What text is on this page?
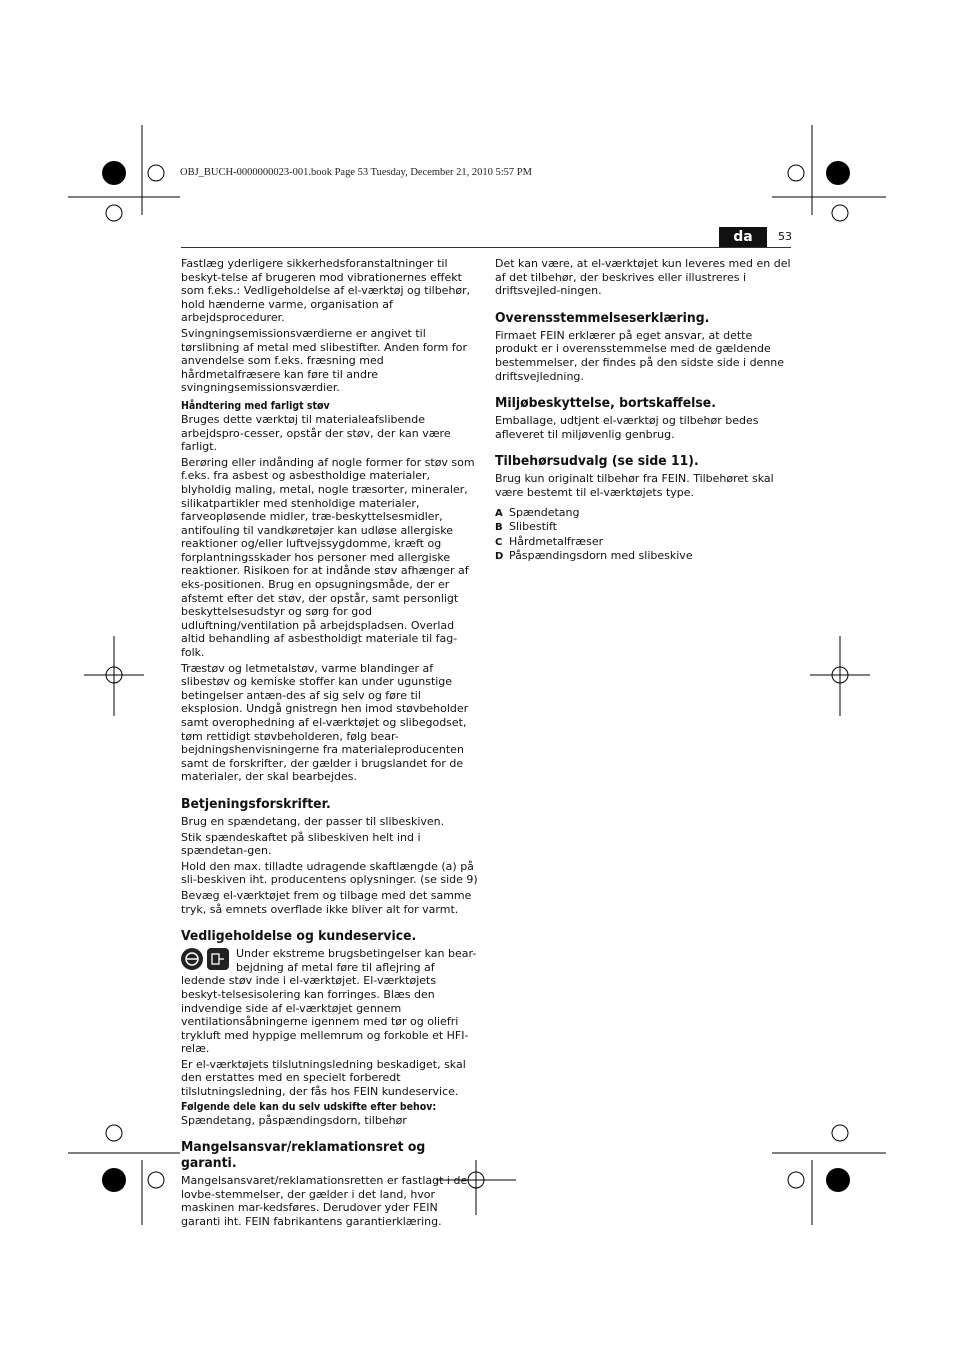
OBJ_BUCH-0000000023-001.book Page 53 Tuesday, December 21, 2010 5:57 PM
da	53

Fastlæg yderligere sikkerhedsforanstaltninger til beskyt-telse af brugeren mod vibrationernes effekt som f.eks.: Vedligeholdelse af el-værktøj og tilbehør, hold hænderne varme, organisation af arbejdsprocedurer.

Svingningsemissionsværdierne er angivet til tørslibning af metal med slibestifter. Anden form for anvendelse som f.eks. fræsning med hårdmetalfræsere kan føre til andre svingningsemissionsværdier.

Håndtering med farligt støv

Bruges dette værktøj til materialeafslibende arbejdspro-cesser, opstår der støv, der kan være farligt.

Berøring eller indånding af nogle former for støv som f.eks. fra asbest og asbestholdige materialer, blyholdig maling, metal, nogle træsorter, mineraler, silikatpartikler med stenholdige materialer, farveopløsende midler, træ-beskyttelsesmidler, antifouling til vandkøretøjer kan udløse allergiske reaktioner og/eller luftvejssygdomme, kræft og forplantningsskader hos personer med allergiske reaktioner. Risikoen for at indånde støv afhænger af eks-positionen. Brug en opsugningsmåde, der er afstemt efter det støv, der opstår, samt personligt beskyttelsesudstyr og sørg for god udluftning/ventilation på arbejdspladsen. Overlad altid behandling af asbestholdigt materiale til fag-folk.

Træstøv og letmetalstøv, varme blandinger af slibestøv og kemiske stoffer kan under ugunstige betingelser antæn-des af sig selv og føre til eksplosion. Undgå gnistregn hen imod støvbeholder samt overophedning af el-værktøjet og slibegodset, tøm rettidigt støvbeholderen, følg bear-bejdningshenvisningerne fra materialeproducenten samt de forskrifter, der gælder i brugslandet for de materialer, der skal bearbejdes.

Betjeningsforskrifter.

Brug en spændetang, der passer til slibeskiven.

Stik spændeskaftet på slibeskiven helt ind i spændetan-gen.

Hold den max. tilladte udragende skaftlængde (a) på sli-beskiven iht. producentens oplysninger. (se side 9)

Bevæg el-værktøjet frem og tilbage med det samme tryk, så emnets overflade ikke bliver alt for varmt.

Vedligeholdelse og kundeservice.

Under ekstreme brugsbetingelser kan bear-bejdning af metal føre til aflejring af ledende støv inde i el-værktøjet. El-værktøjets beskyt-telsesisolering kan forringes. Blæs den indvendige side af el-værktøjet gennem ventilationsåbningerne igennem med tør og oliefri trykluft med hyppige mellemrum og forkoble et HFI-relæ.

Er el-værktøjets tilslutningsledning beskadiget, skal den erstattes med en specielt forberedt tilslutningsledning, der fås hos FEIN kundeservice.

Følgende dele kan du selv udskifte efter behov:

Spændetang, påspændingsdorn, tilbehør

Mangelsansvar/reklamationsret og garanti.

Mangelsansvaret/reklamationsretten er fastlagt i de lovbe-stemmelser, der gælder i det land, hvor maskinen mar-kedsføres. Derudover yder FEIN garanti iht. FEIN fabrikantens garantierklæring.

Det kan være, at el-værktøjet kun leveres med en del af det tilbehør, der beskrives eller illustreres i driftsvejled-ningen.

Overensstemmelseserklæring.

Firmaet FEIN erklærer på eget ansvar, at dette produkt er i overensstemmelse med de gældende bestemmelser, der findes på den sidste side i denne driftsvejledning.

Miljøbeskyttelse, bortskaffelse.

Emballage, udtjent el-værktøj og tilbehør bedes afleveret til miljøvenlig genbrug.

Tilbehørsudvalg (se side 11).

Brug kun originalt tilbehør fra FEIN. Tilbehøret skal være bestemt til el-værktøjets type.

A Spændetang
B Slibestift
C Hårdmetalfræser
D Påspændingsdorn med slibeskive
